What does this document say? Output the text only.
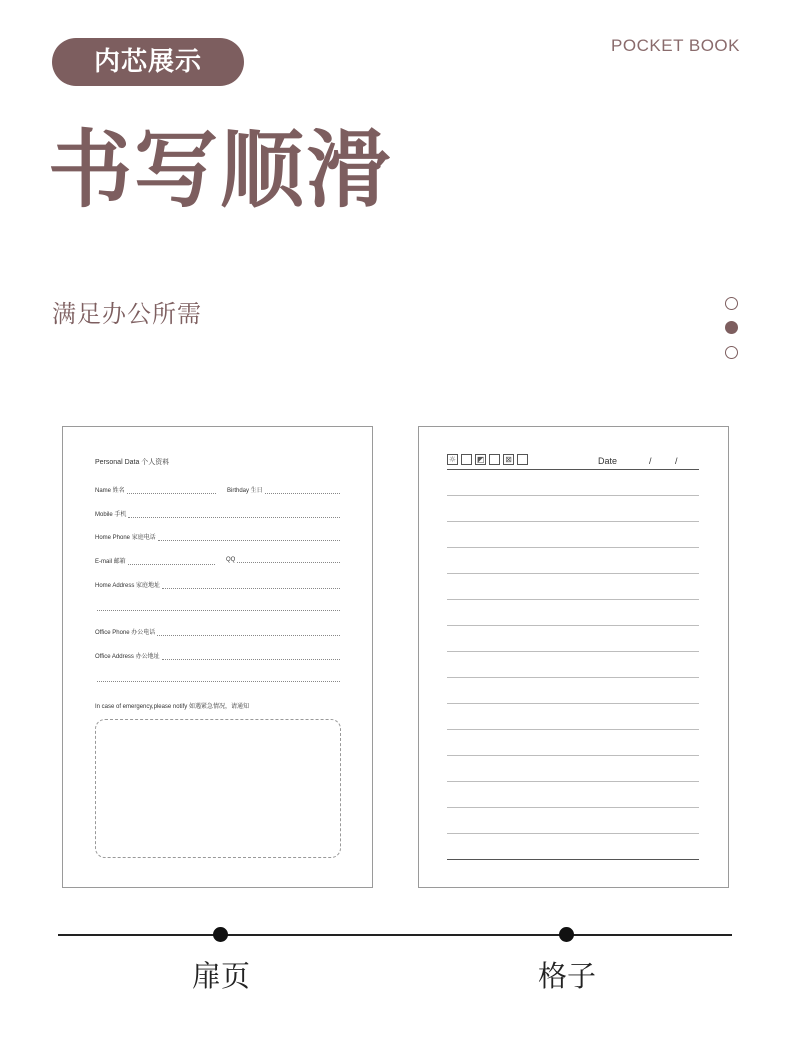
内芯展示
POCKET BOOK
书写顺滑
满足办公所需
Personal Data 个人资料
Name 姓名	Birthday 生日
Mobile 手机
Home Phone 家庭电话
E-mail 邮箱	QQ
Home Address 家庭地址
Office Phone 办公电话
Office Address 办公地址
In case of emergency,please notify 如遇紧急情况，请通知
☼	◩	⊠	Date	/	/
扉页	格子
